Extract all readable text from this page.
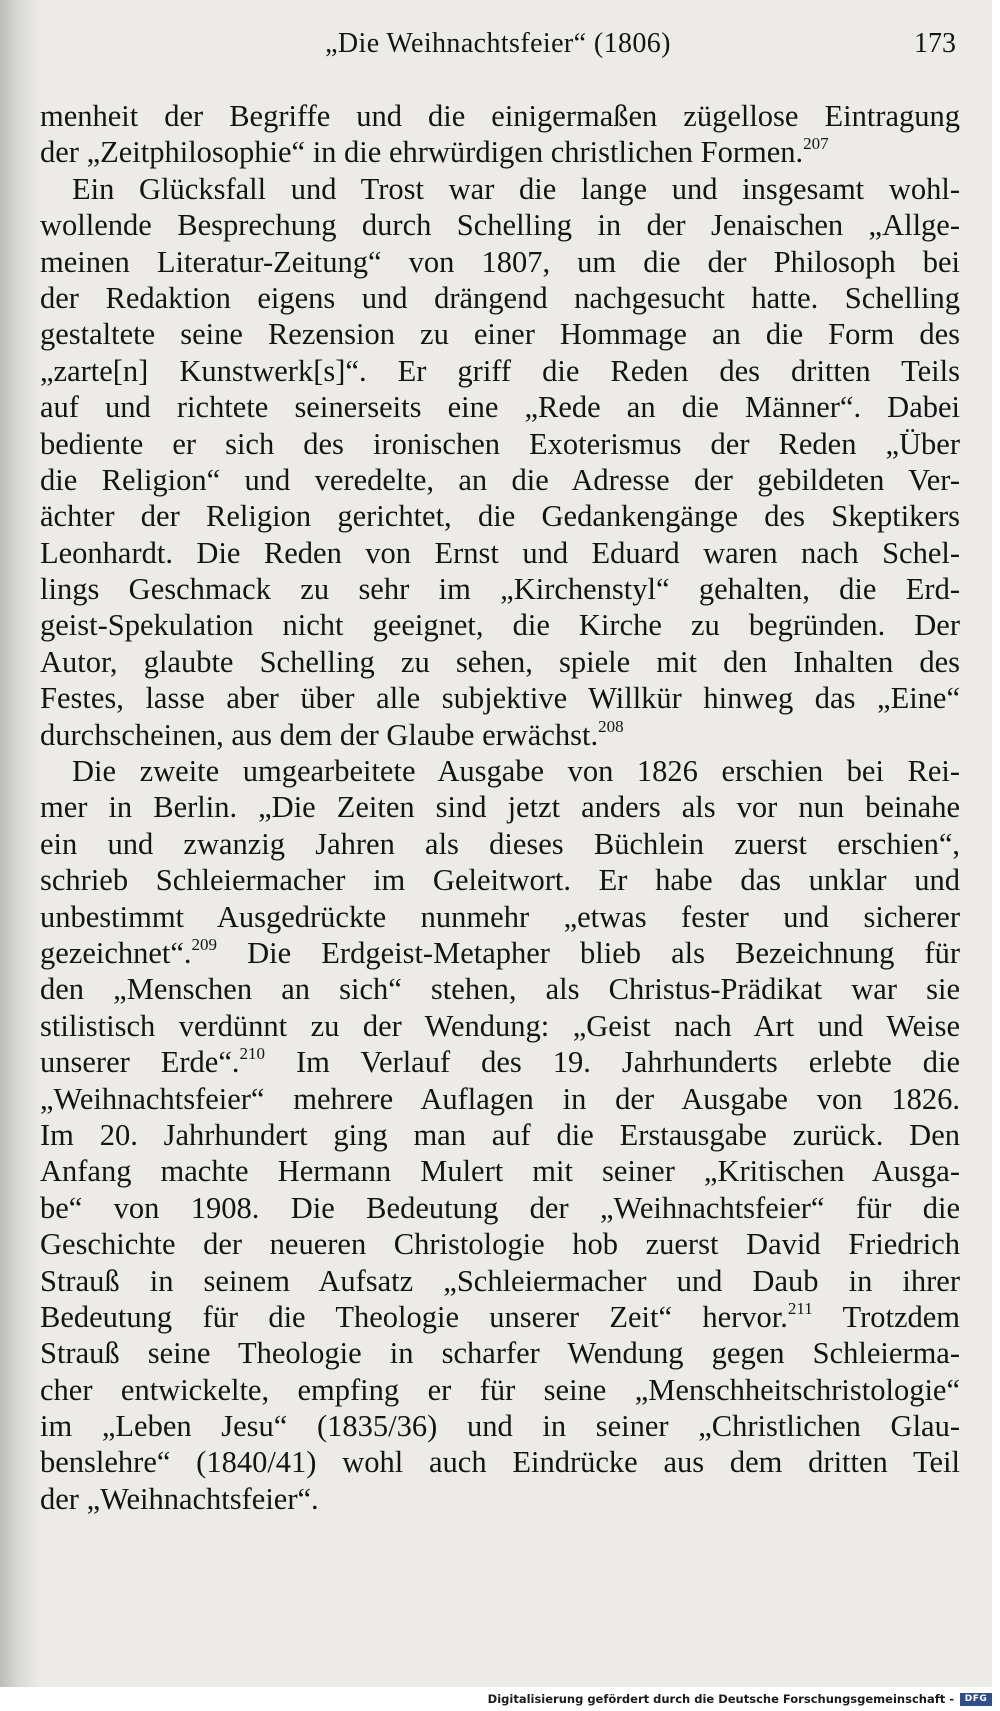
„Die Weihnachtsfeier“ (1806)	173
menheit der Begriffe und die einigermaßen zügellose Eintragung
der „Zeitphilosophie“ in die ehrwürdigen christlichen Formen.$^{207}$
Ein Glücksfall und Trost war die lange und insgesamt wohl-
wollende Besprechung durch Schelling in der Jenaischen „Allge-
meinen Literatur-Zeitung“ von 1807, um die der Philosoph bei
der Redaktion eigens und drängend nachgesucht hatte. Schelling
gestaltete seine Rezension zu einer Hommage an die Form des
„zarte[n] Kunstwerk[s]“. Er griff die Reden des dritten Teils
auf und richtete seinerseits eine „Rede an die Männer“. Dabei
bediente er sich des ironischen Exoterismus der Reden „Über
die Religion“ und veredelte, an die Adresse der gebildeten Ver-
ächter der Religion gerichtet, die Gedankengänge des Skeptikers
Leonhardt. Die Reden von Ernst und Eduard waren nach Schel-
lings Geschmack zu sehr im „Kirchenstyl“ gehalten, die Erd-
geist-Spekulation nicht geeignet, die Kirche zu begründen. Der
Autor, glaubte Schelling zu sehen, spiele mit den Inhalten des
Festes, lasse aber über alle subjektive Willkür hinweg das „Eine“
durchscheinen, aus dem der Glaube erwächst.$^{208}$
Die zweite umgearbeitete Ausgabe von 1826 erschien bei Rei-
mer in Berlin. „Die Zeiten sind jetzt anders als vor nun beinahe
ein und zwanzig Jahren als dieses Büchlein zuerst erschien“,
schrieb Schleiermacher im Geleitwort. Er habe das unklar und
unbestimmt Ausgedrückte nunmehr „etwas fester und sicherer
gezeichnet“.$^{209}$ Die Erdgeist-Metapher blieb als Bezeichnung für
den „Menschen an sich“ stehen, als Christus-Prädikat war sie
stilistisch verdünnt zu der Wendung: „Geist nach Art und Weise
unserer Erde“.$^{210}$ Im Verlauf des 19. Jahrhunderts erlebte die
„Weihnachtsfeier“ mehrere Auflagen in der Ausgabe von 1826.
Im 20. Jahrhundert ging man auf die Erstausgabe zurück. Den
Anfang machte Hermann Mulert mit seiner „Kritischen Ausga-
be“ von 1908. Die Bedeutung der „Weihnachtsfeier“ für die
Geschichte der neueren Christologie hob zuerst David Friedrich
Strauß in seinem Aufsatz „Schleiermacher und Daub in ihrer
Bedeutung für die Theologie unserer Zeit“ hervor.$^{211}$ Trotzdem
Strauß seine Theologie in scharfer Wendung gegen Schleierma-
cher entwickelte, empfing er für seine „Menschheitschristologie“
im „Leben Jesu“ (1835/36) und in seiner „Christlichen Glau-
benslehre“ (1840/41) wohl auch Eindrücke aus dem dritten Teil
der „Weihnachtsfeier“.
Digitalisierung gefördert durch die Deutsche Forschungsgemeinschaft -	DFG
